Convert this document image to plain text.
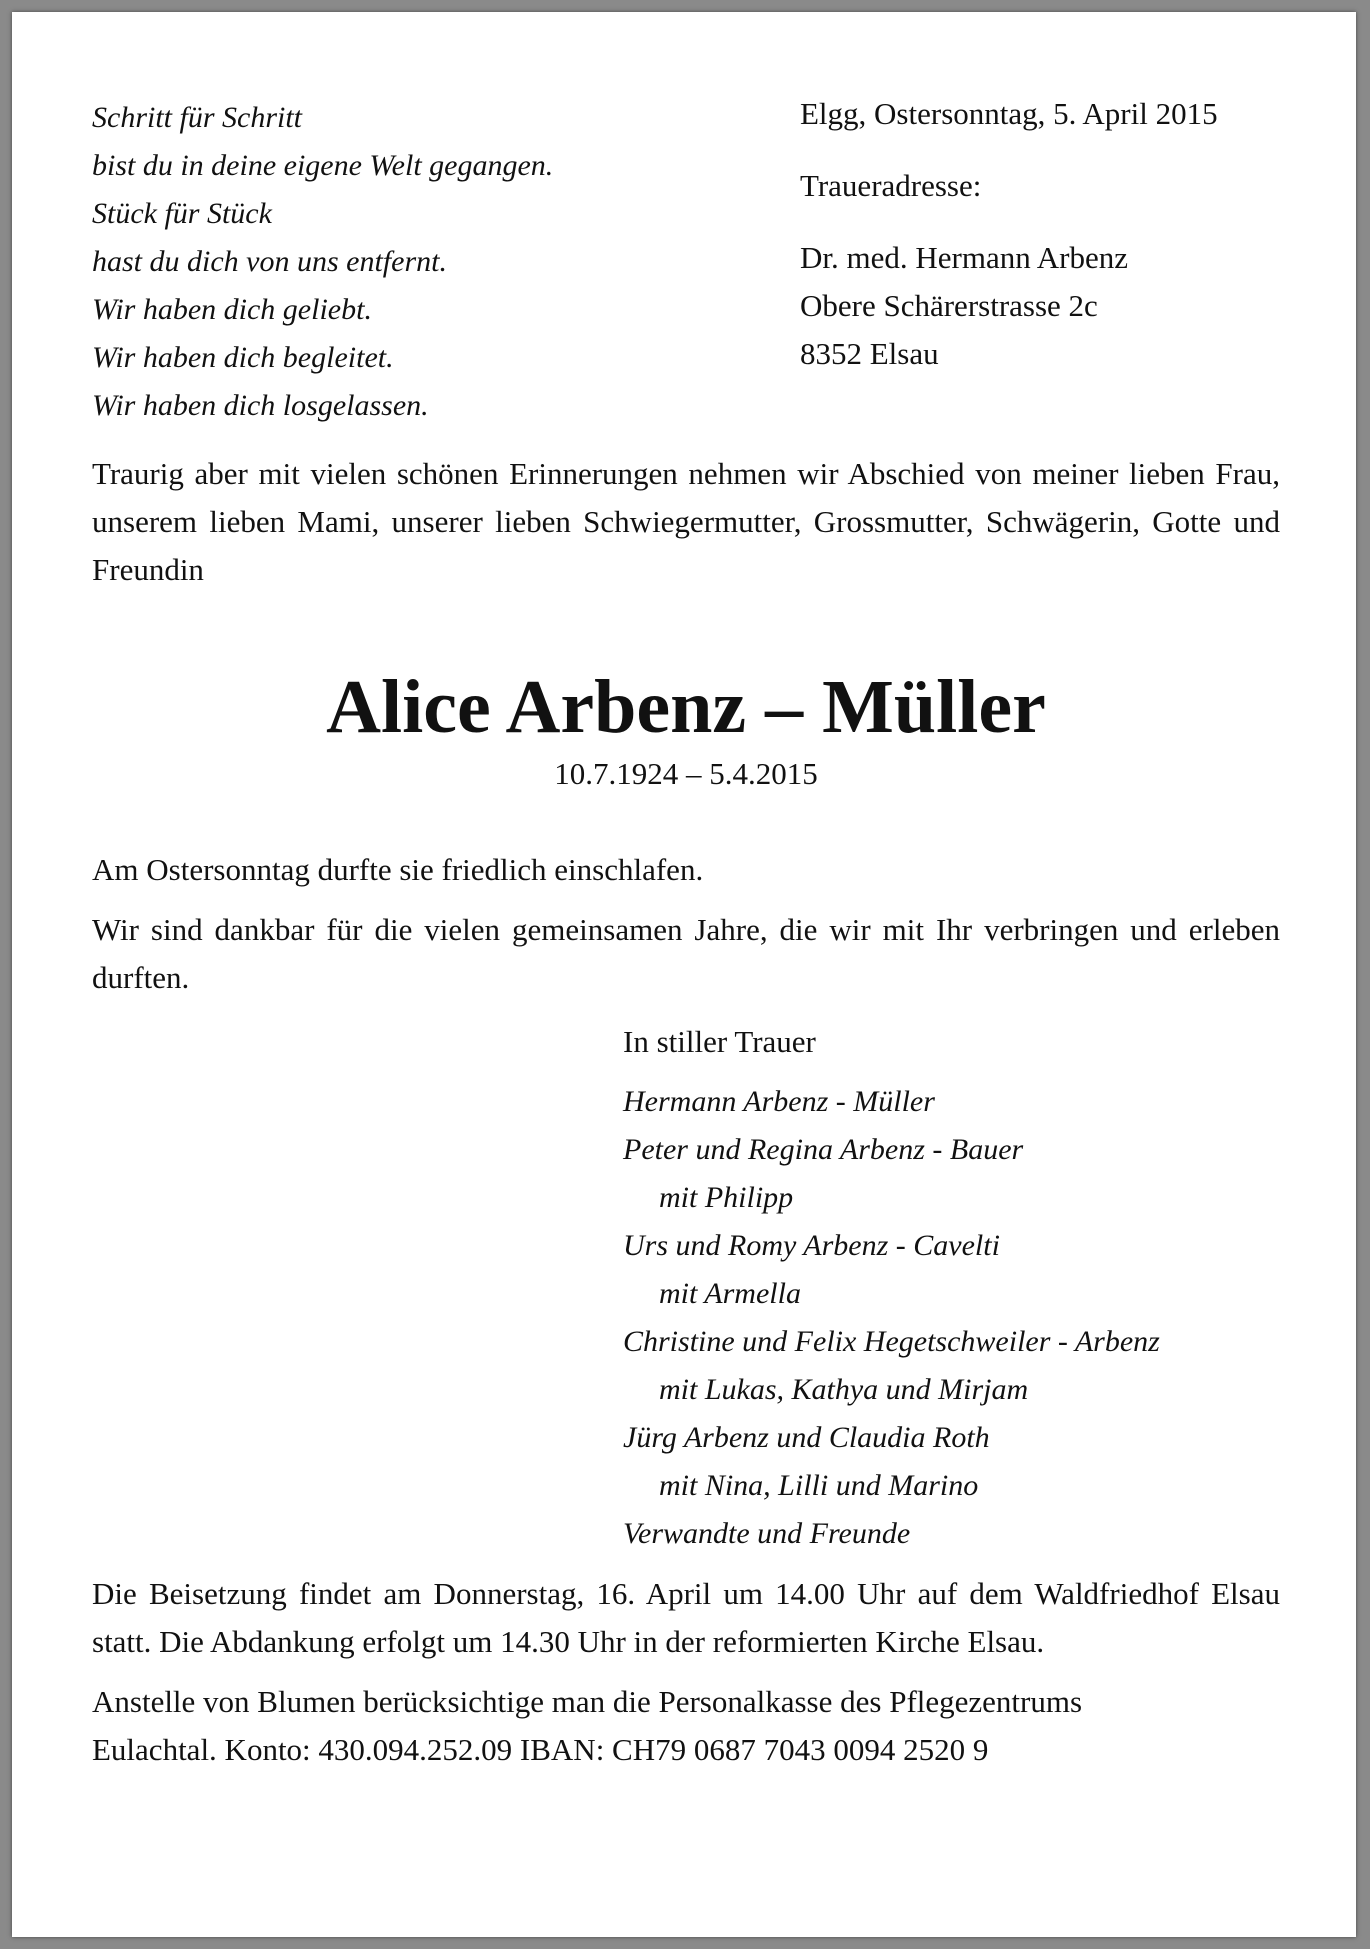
Schritt für Schritt
bist du in deine eigene Welt gegangen.
Stück für Stück
hast du dich von uns entfernt.
Wir haben dich geliebt.
Wir haben dich begleitet.
Wir haben dich losgelassen.
Elgg, Ostersonntag, 5. April 2015
Traueradresse:
Dr. med. Hermann Arbenz
Obere Schärerstrasse 2c
8352 Elsau

Traurig aber mit vielen schönen Erinnerungen nehmen wir Abschied von meiner lieben Frau, unserem lieben Mami, unserer lieben Schwiegermutter, Grossmutter, Schwägerin, Gotte und Freundin

Alice Arbenz – Müller
10.7.1924 – 5.4.2015
Am Ostersonntag durfte sie friedlich einschlafen.
Wir sind dankbar für die vielen gemeinsamen Jahre, die wir mit Ihr verbringen und erleben durften.
In stiller Trauer
Hermann Arbenz - Müller
Peter und Regina Arbenz - Bauer
mit Philipp
Urs und Romy Arbenz - Cavelti
mit Armella
Christine und Felix Hegetschweiler - Arbenz
mit Lukas, Kathya und Mirjam
Jürg Arbenz und Claudia Roth
mit Nina, Lilli und Marino
Verwandte und Freunde
Die Beisetzung findet am Donnerstag, 16. April um 14.00 Uhr auf dem Waldfriedhof Elsau statt. Die Abdankung erfolgt um 14.30 Uhr in der reformierten Kirche Elsau.
Anstelle von Blumen berücksichtige man die Personalkasse des Pflegezentrums
Eulachtal. Konto: 430.094.252.09 IBAN: CH79 0687 7043 0094 2520 9
